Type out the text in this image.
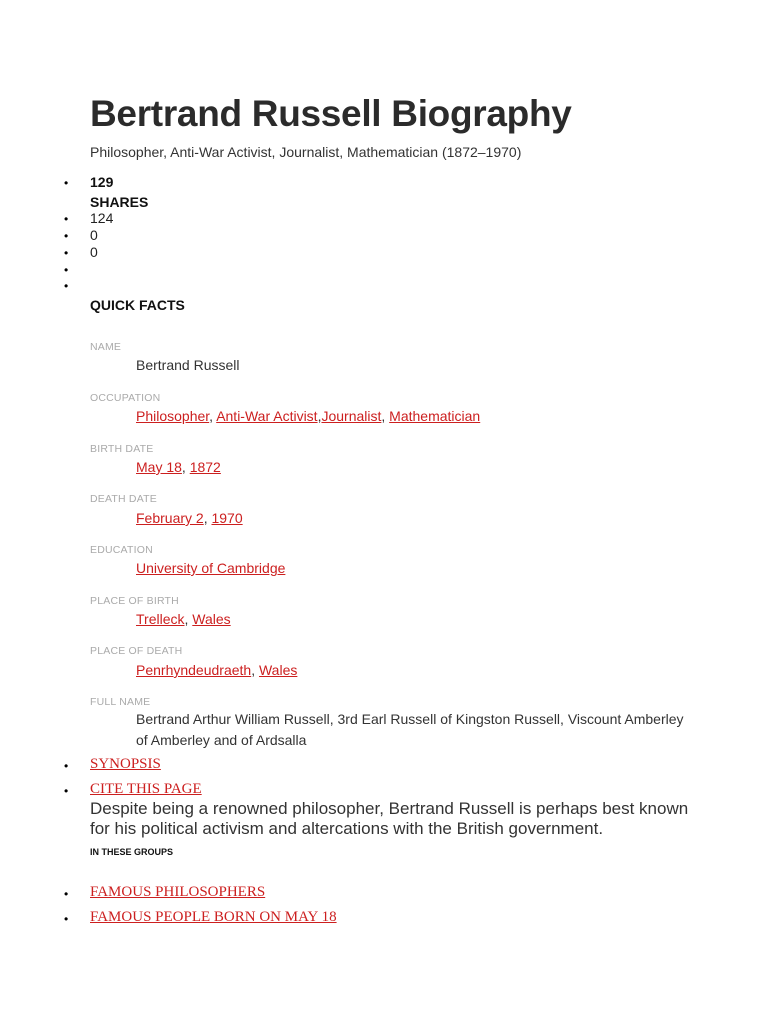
Bertrand Russell Biography

Philosopher, Anti-War Activist, Journalist, Mathematician (1872–1970)

• 129
SHARES
• 124
• 0
• 0
•
•
QUICK FACTS
NAME
Bertrand Russell
OCCUPATION
Philosopher, Anti-War Activist,Journalist, Mathematician
BIRTH DATE
May 18, 1872
DEATH DATE
February 2, 1970
EDUCATION
University of Cambridge
PLACE OF BIRTH
Trelleck, Wales
PLACE OF DEATH
Penrhyndeudraeth, Wales
FULL NAME
Bertrand Arthur William Russell, 3rd Earl Russell of Kingston Russell, Viscount Amberley of Amberley and of Ardsalla
• SYNOPSIS
• CITE THIS PAGE
Despite being a renowned philosopher, Bertrand Russell is perhaps best known for his political activism and altercations with the British government.
IN THESE GROUPS
• FAMOUS PHILOSOPHERS
• FAMOUS PEOPLE BORN ON MAY 18
